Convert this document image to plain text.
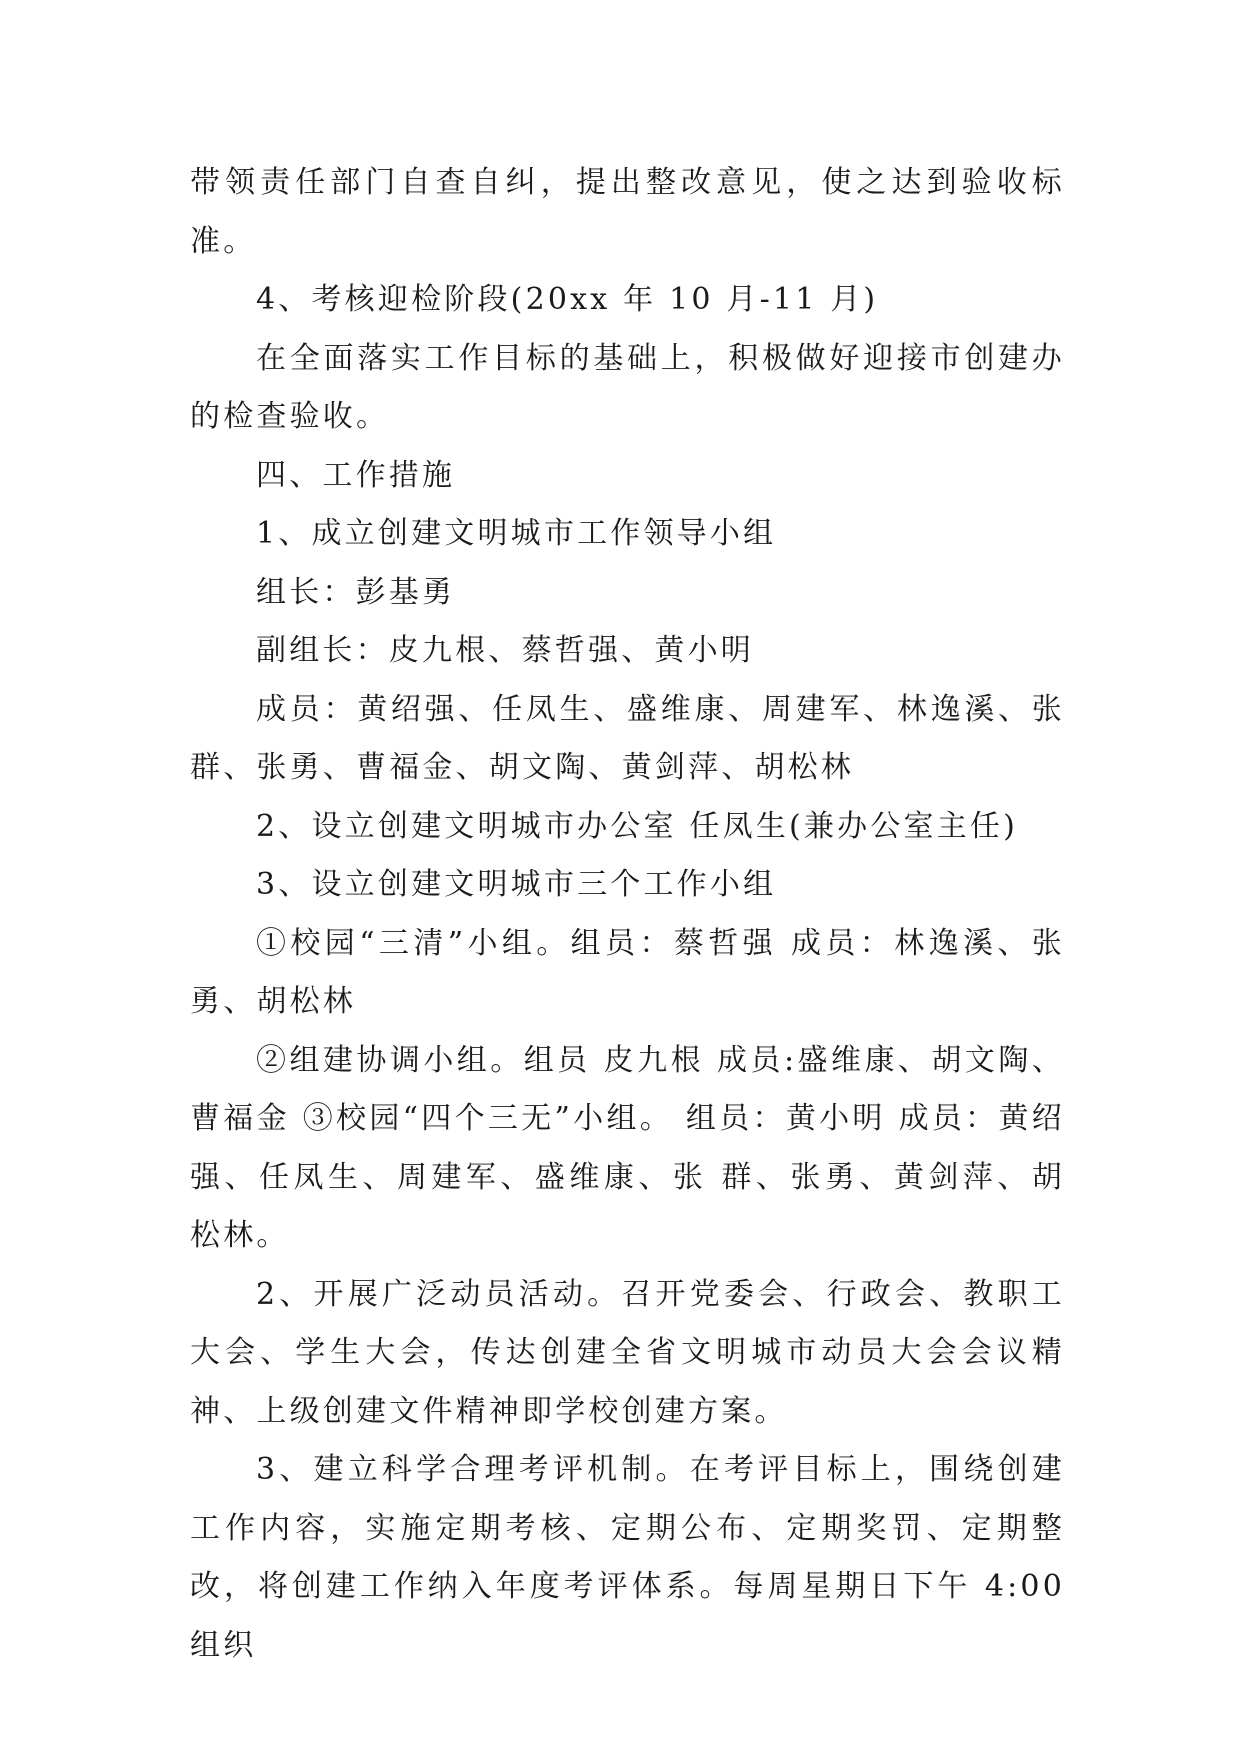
带领责任部门自查自纠，提出整改意见，使之达到验收标准。

4、考核迎检阶段(20xx 年 10 月-11 月)

在全面落实工作目标的基础上，积极做好迎接市创建办的检查验收。

四、工作措施

1、成立创建文明城市工作领导小组

组长：彭基勇

副组长：皮九根、蔡哲强、黄小明

成员：黄绍强、任凤生、盛维康、周建军、林逸溪、张群、张勇、曹福金、胡文陶、黄剑萍、胡松林

2、设立创建文明城市办公室 任凤生(兼办公室主任)

3、设立创建文明城市三个工作小组

①校园“三清”小组。组员：蔡哲强 成员：林逸溪、张勇、胡松林

②组建协调小组。组员 皮九根 成员:盛维康、胡文陶、曹福金 ③校园“四个三无”小组。 组员：黄小明 成员：黄绍强、任凤生、周建军、盛维康、张 群、张勇、黄剑萍、胡松林。

2、开展广泛动员活动。召开党委会、行政会、教职工大会、学生大会，传达创建全省文明城市动员大会会议精神、上级创建文件精神即学校创建方案。

3、建立科学合理考评机制。在考评目标上，围绕创建工作内容，实施定期考核、定期公布、定期奖罚、定期整改，将创建工作纳入年度考评体系。每周星期日下午 4:00 组织
